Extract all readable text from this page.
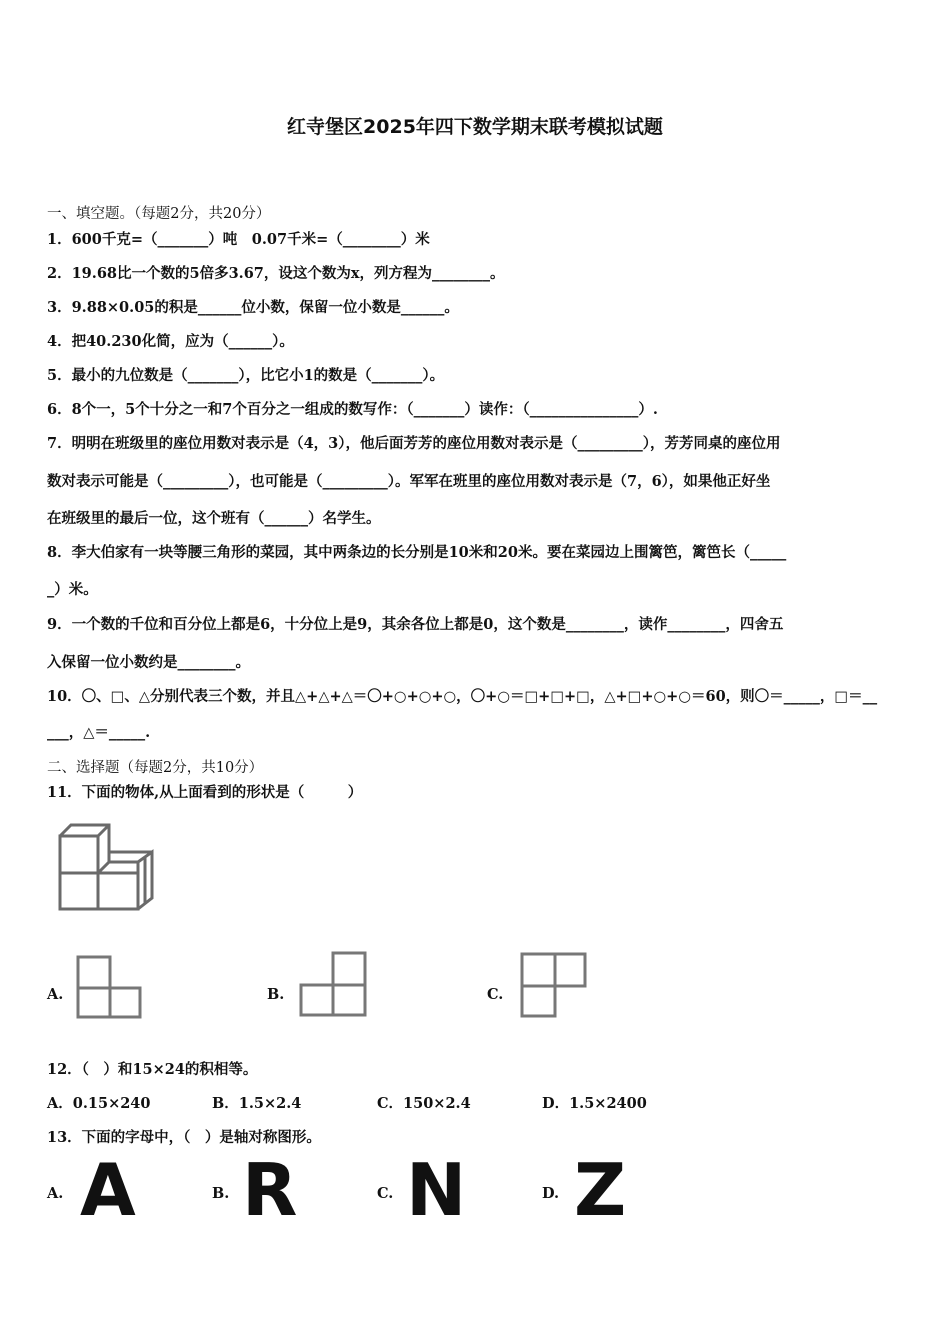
红寺堡区2025年四下数学期末联考模拟试题
一、填空题。（每题2分，共20分）
1．600千克=（_______）吨　0.07千米=（________）米
2．19.68比一个数的5倍多3.67，设这个数为x，列方程为________。
3．9.88×0.05的积是______位小数，保留一位小数是______。
4．把40.230化简，应为（______）。
5．最小的九位数是（_______），比它小1的数是（_______）。
6．8个一，5个十分之一和7个百分之一组成的数写作：（_______）读作：（_______________）.
7．明明在班级里的座位用数对表示是（4，3），他后面芳芳的座位用数对表示是（_________），芳芳同桌的座位用
数对表示可能是（_________），也可能是（_________）。军军在班里的座位用数对表示是（7，6），如果他正好坐
在班级里的最后一位，这个班有（______）名学生。
8．李大伯家有一块等腰三角形的菜园，其中两条边的长分别是10米和20米。要在菜园边上围篱笆，篱笆长（_____
_）米。
9．一个数的千位和百分位上都是6，十分位上是9，其余各位上都是0，这个数是________，读作________，四舍五
入保留一位小数约是________。
10．〇、□、△分别代表三个数，并且△+△+△＝〇+○+○+○，〇+○＝□+□+□，△+□+○+○＝60，则〇＝_____，□＝__
___，△＝_____.
二、选择题（每题2分，共10分）
11．下面的物体,从上面看到的形状是（　　　）
A.	B.	C.
12．（　）和15×24的积相等。
A．0.15×240	B．1.5×2.4	C．150×2.4	D．1.5×2400
13．下面的字母中，（　）是轴对称图形。
A. A	B. R	C. N	D. Z
